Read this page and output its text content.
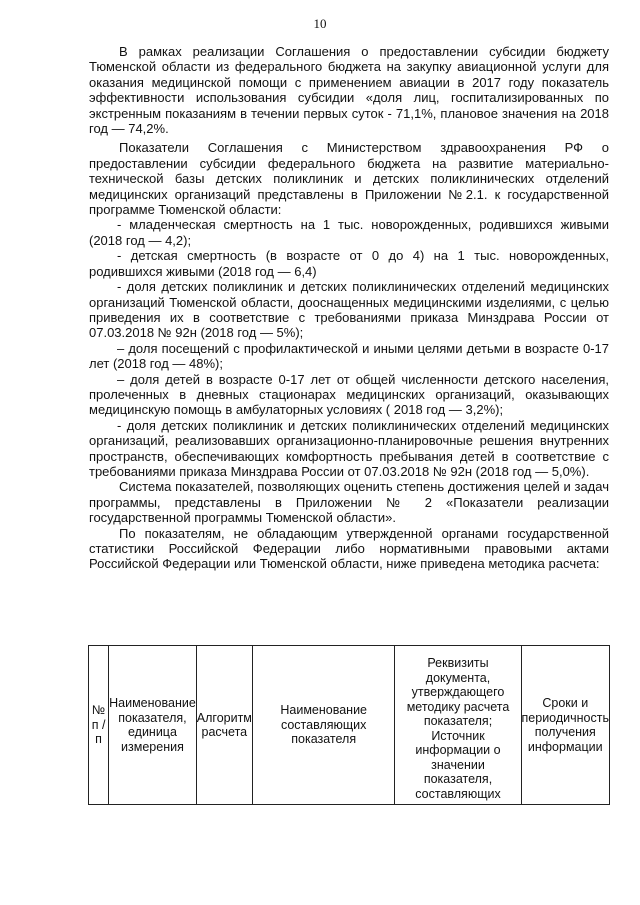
10

В рамках реализации Соглашения о предоставлении субсидии бюджету Тюменской области из федерального бюджета на закупку авиационной услуги для оказания медицинской помощи с применением авиации в 2017 году показатель эффективности использования субсидии «доля лиц, госпитализированных по экстренным показаниям в течении первых суток - 71,1%, плановое значения на 2018 год — 74,2%.

Показатели Соглашения с Министерством здравоохранения РФ о предоставлении субсидии федерального бюджета на развитие материально-технической базы детских поликлиник и детских поликлинических отделений медицинских организаций представлены в Приложении №2.1. к государственной программе Тюменской области:

- младенческая смертность на 1 тыс. новорожденных, родившихся живыми (2018 год — 4,2);

- детская смертность (в возрасте от 0 до 4) на 1 тыс. новорожденных, родившихся живыми (2018 год — 6,4)

- доля детских поликлиник и детских поликлинических отделений медицинских организаций Тюменской области, дооснащенных медицинскими изделиями, с целью приведения их в соответствие с требованиями приказа Минздрава России от 07.03.2018 № 92н (2018 год — 5%);

– доля посещений с профилактической и иными целями детьми в возрасте 0-17 лет (2018 год — 48%);

– доля детей в возрасте 0-17 лет от общей численности детского населения, пролеченных в дневных стационарах медицинских организаций, оказывающих медицинскую помощь в амбулаторных условиях ( 2018 год — 3,2%);

- доля детских поликлиник и детских поликлинических отделений медицинских организаций, реализовавших организационно-планировочные решения внутренних пространств, обеспечивающих комфортность пребывания детей в соответствие с требованиями приказа Минздрава России от 07.03.2018 № 92н (2018 год — 5,0%).

Система показателей, позволяющих оценить степень достижения целей и задач программы, представлены в Приложении № 2 «Показатели реализации государственной программы Тюменской области».

По показателям, не обладающим утвержденной органами государственной статистики Российской Федерации либо нормативными правовыми актами Российской Федерации или Тюменской области, ниже приведена методика расчета:

№ п /п	Наименование показателя, единица измерения	Алгоритм расчета	Наименование составляющих показателя	Реквизиты документа, утверждающего методику расчета показателя; Источник информации о значении показателя, составляющих	Сроки и периодичность получения информации
